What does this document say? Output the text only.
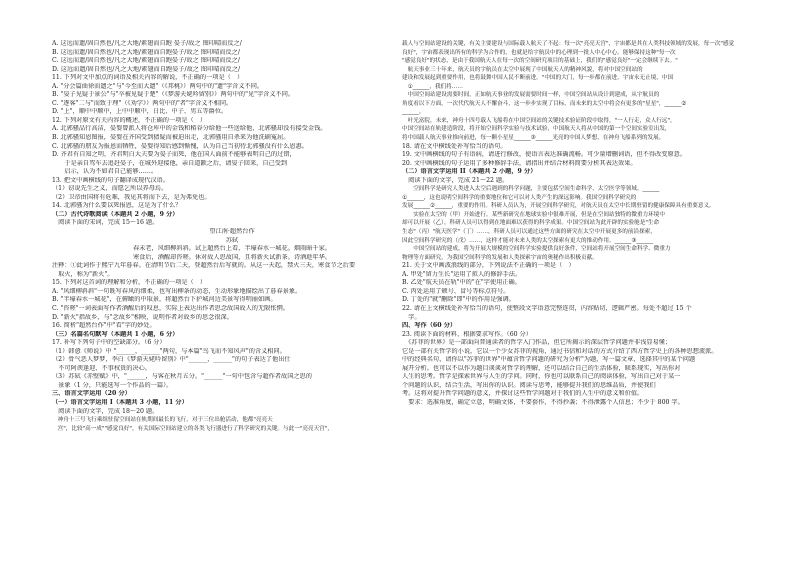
A. 这远而遗/固自然也/凡之大地/素翅而自跑 晏子/故之 图印晴而反之/
B. 这远而遗/固自然也/凡之大地/素翅而自跑晏子/故之 图印晴而反之/
C. 这远而遗/固自然也/凡之大地/素翅而自跑晏子/故之 图印晴而反之/
D. 这远而遗/固自然也/凡之大地/素翅而自跑晏子/故之 图印晴而反之/
11. 下列对文中加点的词语及相关内容的解说，不正确的一项是（　）
A. "分会篇曲徐而遗之"与"今至而大遗"（《邦桃》）两句中的"遗"字含义不同。
B. "晏子见疑于景公"与"卒被见疑于楚"（《梦游天姥吟留别》）两句中的"见"字含义不同。
C. "逐客"二与"而致于理"（《劝学》）两句中的"者"字含义不相同。
D. "上"，顺中中顺中，上中中顺中，日比、中子、男五等爵位。
12. 下列对原文有关内容的概述，不正确的一项是（　）
A. 北郭骚品行高洁，晏婴曾派人将仓库中的金钱和稻谷分给他一些送给他，北郭骚却没有接受金钱。
B. 北郭骚知恩图报，晏婴在齐国受到猜疑而被迫出走，北郭骚用自杀来为他洗刷冤屈。
C. 北郭骚的朋友为报恩而牺牲，晏婴得知后感到惭愧，认为自己当初待北郭骚没有什么恩惠。
D. 齐君有自知之明，齐君明白大夫要为晏子而死，他在国人面前不能够表明自己的过错，
　　于是亲自驾车去追赶晏子，在城外迎接他，亲自道歉之后，请晏子回来，自己受到
　　启示，认为不如君自己能够……。
13. 把文中画横线的句子翻译成现代汉语。
（1）窃说先生之义，而愿乞所以养母焉。
（2）卫帝由国将有危难，我见其将而下去，是为弗免也。
14. 北郭骚为什么要以死报恩，这是为了什么？
（二）古代诗歌阅读（本题共 2 小题，9 分）
　阅读下面的宋词，完成 15～16 题。
望江南·超然台作
苏轼
春未老，风细柳斜斜。试上超然台上看，半壕春水一城花。烟雨暗千家。
寒食后，酒醒却咨嗟。休对故人思故国，且将新火试新茶。诗酒趁年华。
注释：①此词作于熙宁九年暮春。在清明节后二天，登超然台后写就的。从这一天起，禁火三天，寒食节之后要
　取火，称为"新火"。
15. 下列对这首词的理解和分析，不正确的一项是（　）
A. "风细柳斜斜"一句既写春风的细柔，也写出柳条的动态，生动形象地描绘出了暮春景象。
B. "半壕春水一城花"，在俯瞰的中取景，将超然台下护城河边美景写得明丽如画。
C. "咨嗟"一词表面写作者酒醒后的叹息，实际上表达出作者思念故国故人的无限怅惘。
D. "新火"指故乡，与"念故乡"相映，说明作者对故乡的思念很深。
16. 简析"超然台作"中"看"字的妙处。
（三）名篇名句默写（本题共 1 小题，6 分）
17. 补写下列句子中的空缺部分。（6 分）
（1）韩愈《师说》中 "______，______"两句，与本篇"鸟飞而不知风声"的含义相同。
（2）骨气恶人梦梦，李白《梦游天姥吟留别》中"______，______"的句子表达了他出仕
　不可阿谀逢迎、不事权贵的决心。
（3）苏轼《赤壁赋》中，"______，与客在秋月五分。"______"一句中包含与超作者故国之思的
　景象（1 分，只能选写一个作品的一篇）。
三、语言文字运用（20 分）
（一）语言文字运用 I（本题共 3 小题，11 分）
　阅读下面的文字，完成 18～20 题。
　神舟十三号飞行乘组驻留空间站在轨期间最长的飞行，对于三位出舱活动，他都"亮亮天
　宫"，比较"高一成""感觉良好"，有关国际空间站建立的各类飞行器进行了科学研究的关键。与此一"亮亮天宫"，
载人与空间站建设的关键，有关主要建设与国际载人航天了不起：每一次"亮亮天宫"，宇宙都是其在人类科技领域的发展，每一次"感觉
良好"，宇宙都表现出所有的科学为合作的，也就是给宇航员中的心理到一批人中心中心。能够保持这种"每一次
"感觉良好"的状态，是由于我国航天人在每一次的空间研究项目的基础上，我们的"感觉良好"一定会继续下去。"
　航天事业三十年来，航天员的宇航员在太空中展现了中国航天人的精神风貌，将对中国空间站的
建设和发展起到重要作用，也将鼓舞中国人民不断前进。"中国的大门，每一步都在前进，宇宙永无止境，中国
　①______，我们将……
　中国空间站建设需要时间，正如航天事业的发展需要时间一样，中国空间站从设计到建成，从宇航员的
角度看以下方面，一次代代航天人不懈奋斗，这一步步实现了目标，而未来的太空中将会有更多的"星星"，______②
______。
　叶光富院，未来，神舟十四号载人飞船将在中国空间站的关键技术验证阶段中取得，"一人行走，众人行远"，
中国空间站在轨建造阶段，将开始空间科学实验与技术试验，中国航天人将从中国的第一个空间实验室出发，
将中国载人航天事业推向前进，每一颗小星星______③______光亮的中国人梦想，在神舟飞船系列的发展。
18. 请在文中横线处补写恰当的语句。
19. 文中画横线的句子有语病，请进行修改，使语言表达准确流畅。可少量增删词语，但不得改变原意。
20. 文中画横线的句子运用了多种修辞手法，请指出并结合材料简要分析其表达效果。
（二）语言文字运用 II（本题共 2 小题，9 分）
　阅读下面的文字，完成 21～22 题。
　　空间科学是研究人类进入太空后遇到的科学问题，主要包括空间生命科学、太空医学等领域。______
①______，这也说明空间科学的重要地位和它可以对人类产生的深远影响。我国空间科学研究的
发展______②______，重要的作用。科研人员认为，开展空间科学研究，对航天员在太空中长期驻留的健康保障具有重要意义。
　　实验在太空的（甲）开始进行。某些新研究在地球实验中很难开展，但是在空间站独特的微重力环境中
却可以开展（乙），科研人员可以得到在地面难以获得的科学成果。中国空间站为此开辟的实验舱是"生命
生态"（丙）"航天医学"（丁）……，科研人员可以通过这些方面的研究在太空中开展更多的前沿探索，
因此空间科学研究的（戊）……，这样才能对未来人类的太空探索有更大的推动作用。______③______
　　中国空间站的建成，将为开展大规模的空间科学实验提供良好条件，空间站将开展空间生命科学、微重力
物理等方面研究，为我国空间科学的发展和人类探索宇宙的奥秘作出积极贡献。
21. 关于文中画波浪线的部分，下列说法不正确的一项是（　）
A. 甲处"留力生长"运用了拟人的修辞手法。
B. 乙处"航天员在轨"中的"在"字使用正确。
C. 丙处运用了顿号、冒号等标点符号。
D. 丁处的"就"删除"即"中的作用是强调。
22. 请在上文横线处补写恰当的语句，使整段文字语意完整连贯，内容贴切，逻辑严密。每处不超过 15 个
　字。
四、写作（60 分）
23. 阅读下面的材料，根据要求写作。（60 分）
　《苏菲的世界》是一部面向普通读者的哲学入门作品，但它所揭示的深层哲学问题并非浅显易懂；
它是一部有关哲学的小说，它以一个少女苏菲的视角，通过书信和对话的方式介绍了西方哲学史上的各种思想流派。
中的经典名句，请你以"苏菲的世界"中蕴含哲学问题的研究为分析"为题，写一篇文章，选择其中的某个问题
展开分析。也可以不以作为题目谈谈对哲学的理解，还可以结合自己的生活体验，联系现实，写出你对
人生的思考。哲学是探索世界与人生的学问。同时，你也可以联系自己的阅读体验，写出自己对于某一
个问题的认识，结合生活，写出你的认识。阅读与思考，能够提升我们的思维品质，并使我们
考。这将对提升哲学问题的意义，并探讨这些哲学问题对于我们的人生中的意义和价值。
　要求：选准角度，确定立意，明确文体，不要套作，不得抄袭；不得泄露个人信息；不少于 800 字。
